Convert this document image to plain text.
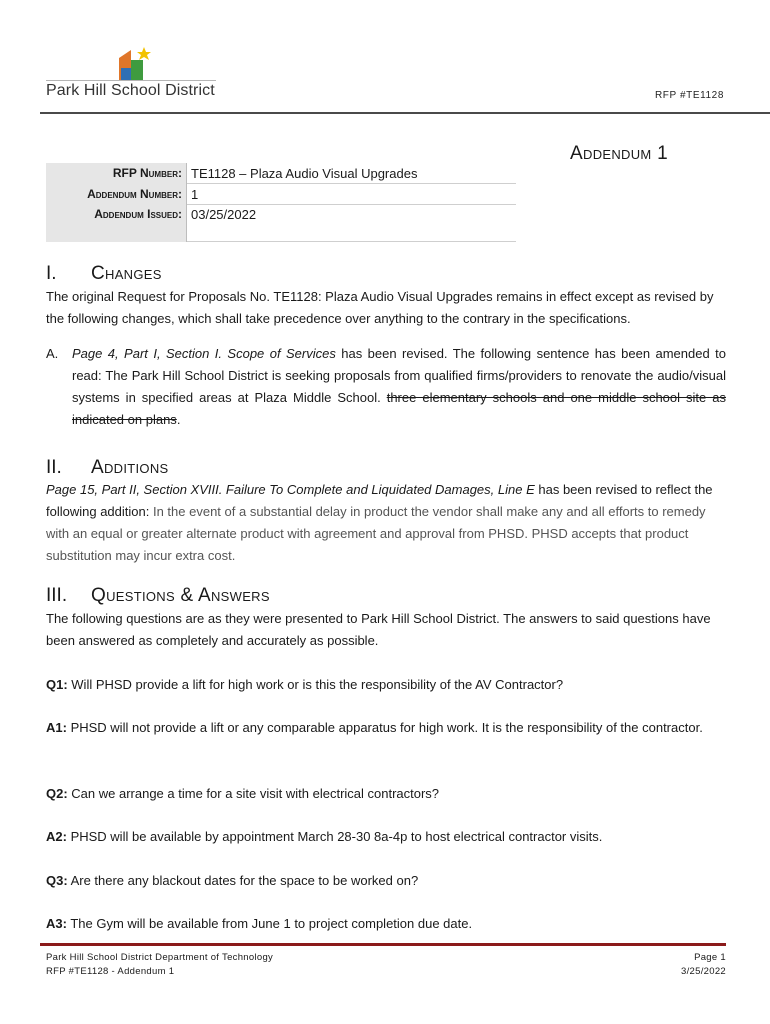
Park Hill School District	RFP #TE1128
Addendum 1
RFP Number:	TE1128 – Plaza Audio Visual Upgrades
Addendum Number:	1
Addendum Issued:	03/25/2022
I.	Changes
The original Request for Proposals No. TE1128: Plaza Audio Visual Upgrades remains in effect except as revised by the following changes, which shall take precedence over anything to the contrary in the specifications.
A.	Page 4, Part I, Section I. Scope of Services has been revised. The following sentence has been amended to read: The Park Hill School District is seeking proposals from qualified firms/providers to renovate the audio/visual systems in specified areas at Plaza Middle School. three elementary schools and one middle school site as indicated on plans.
II.	Additions
Page 15, Part II, Section XVIII. Failure To Complete and Liquidated Damages, Line E has been revised to reflect the following addition: In the event of a substantial delay in product the vendor shall make any and all efforts to remedy with an equal or greater alternate product with agreement and approval from PHSD. PHSD accepts that product substitution may incur extra cost.
III.	Questions & Answers
The following questions are as they were presented to Park Hill School District. The answers to said questions have been answered as completely and accurately as possible.
Q1: Will PHSD provide a lift for high work or is this the responsibility of the AV Contractor?
A1: PHSD will not provide a lift or any comparable apparatus for high work. It is the responsibility of the contractor.
Q2: Can we arrange a time for a site visit with electrical contractors?
A2: PHSD will be available by appointment March 28-30 8a-4p to host electrical contractor visits.
Q3: Are there any blackout dates for the space to be worked on?
A3: The Gym will be available from June 1 to project completion due date.
Park Hill School District Department of Technology
RFP #TE1128 - Addendum 1
Page 1
3/25/2022
